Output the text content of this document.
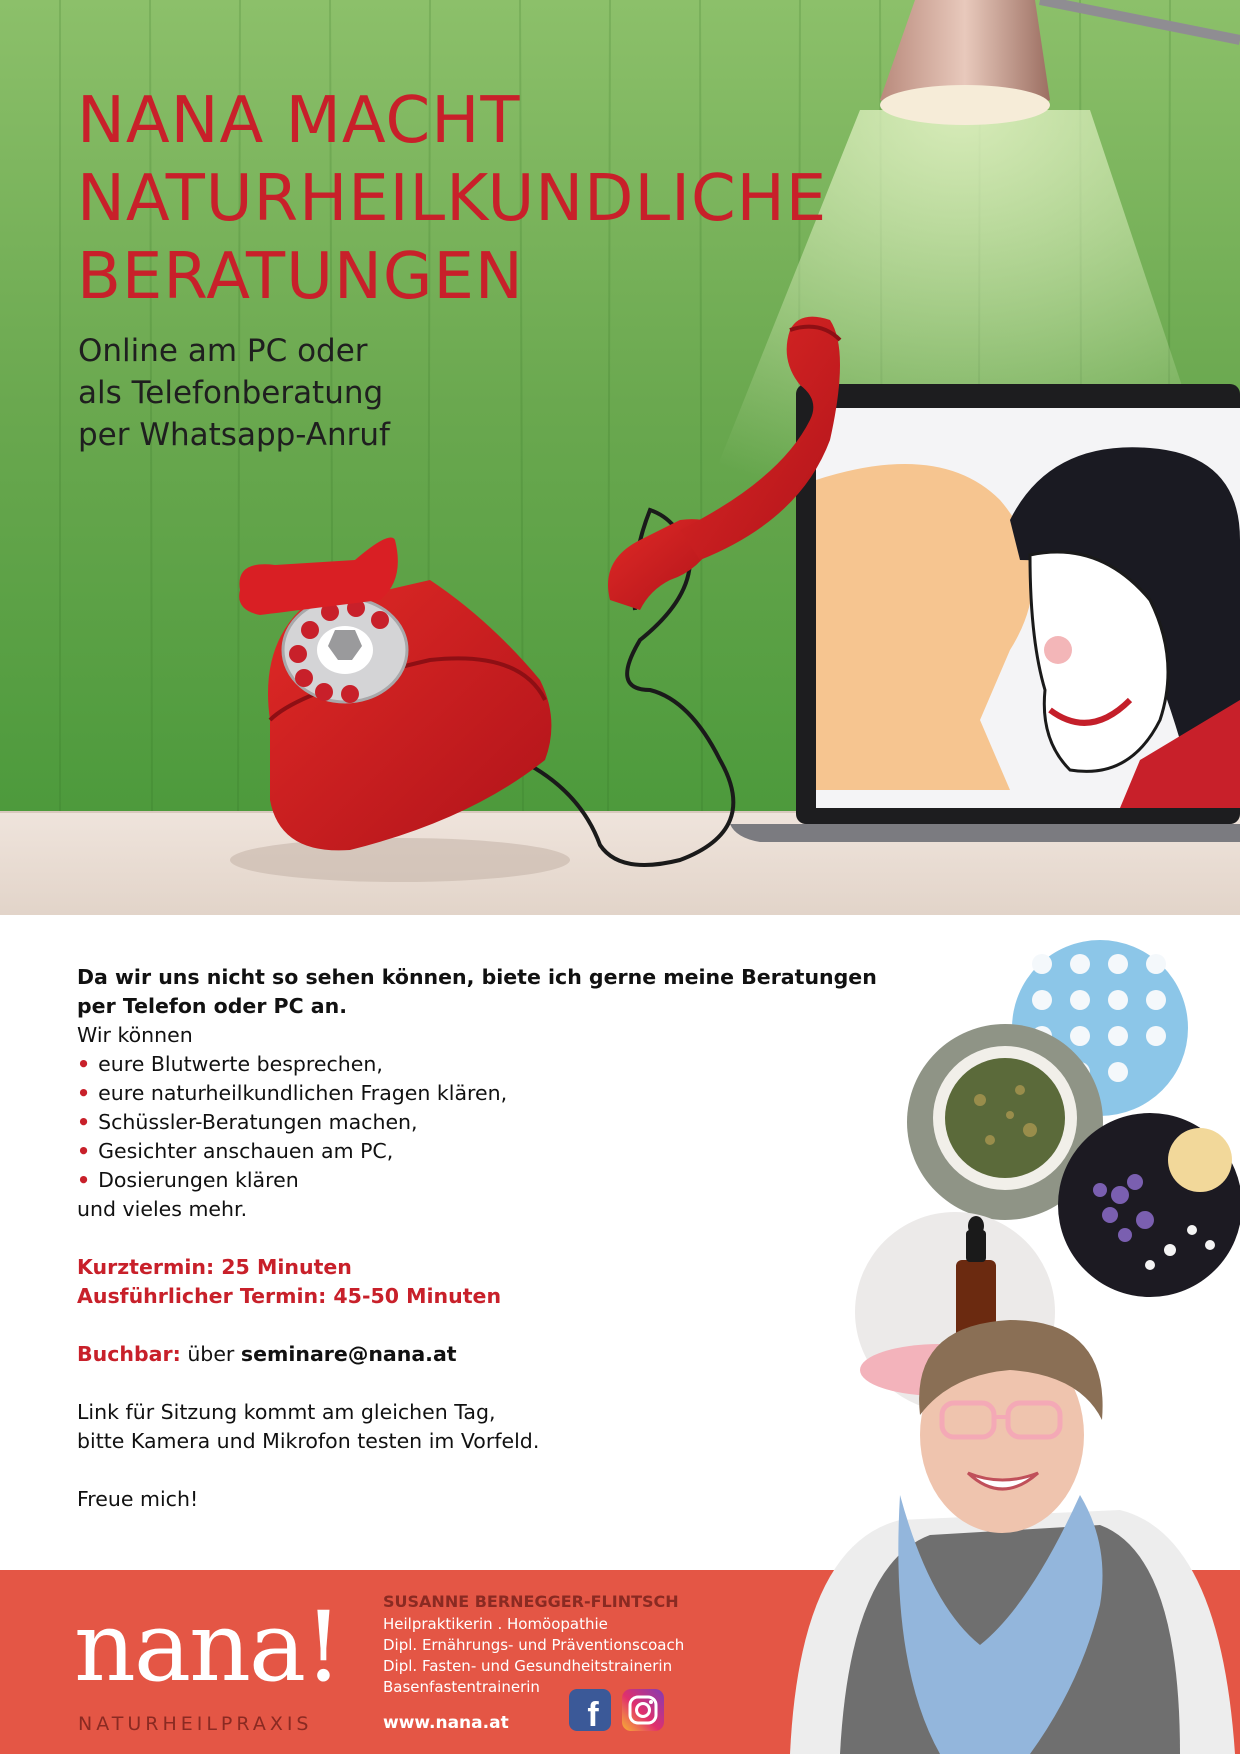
NANA MACHT
NATURHEILKUNDLICHE
BERATUNGEN
Online am PC oder
als Telefonberatung
per Whatsapp-Anruf
Da wir uns nicht so sehen können, biete ich gerne meine Beratungen
per Telefon oder PC an.
Wir können
• eure Blutwerte besprechen,
• eure naturheilkundlichen Fragen klären,
• Schüssler-Beratungen machen,
• Gesichter anschauen am PC,
• Dosierungen klären
und vieles mehr.
Kurztermin: 25 Minuten
Ausführlicher Termin: 45-50 Minuten
Buchbar: über seminare@nana.at
Link für Sitzung kommt am gleichen Tag,
bitte Kamera und Mikrofon testen im Vorfeld.
Freue mich!
nana!
NATURHEILPRAXIS
SUSANNE BERNEGGER-FLINTSCH
Heilpraktikerin . Homöopathie
Dipl. Ernährungs- und Präventionscoach
Dipl. Fasten- und Gesundheitstrainerin
Basenfastentrainerin
www.nana.at f
